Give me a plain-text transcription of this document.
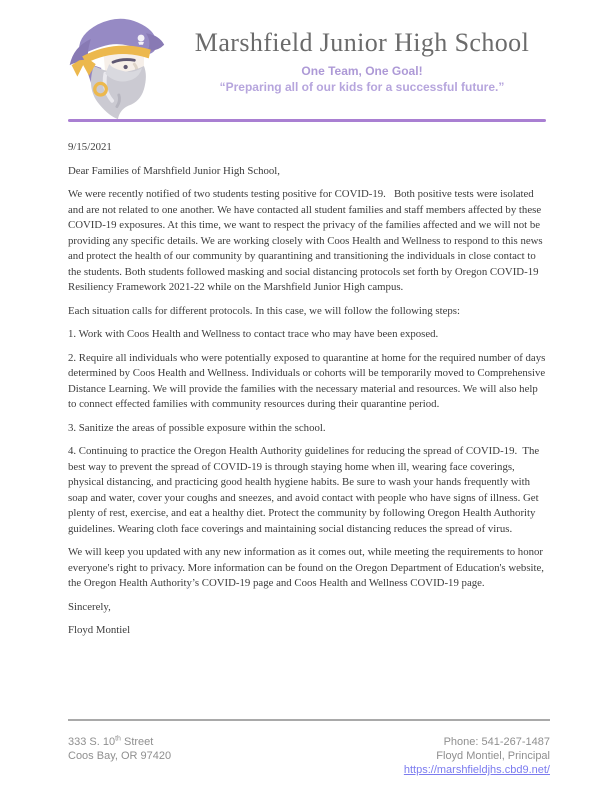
Marshfield Junior High School
One Team, One Goal!
“Preparing all of our kids for a successful future.”

9/15/2021

Dear Families of Marshfield Junior High School,

We were recently notified of two students testing positive for COVID-19.   Both positive tests were isolated and are not related to one another. We have contacted all student families and staff members affected by these COVID-19 exposures. At this time, we want to respect the privacy of the families affected and we will not be providing any specific details. We are working closely with Coos Health and Wellness to respond to this news and protect the health of our community by quarantining and transitioning the individuals in close contact to the students. Both students followed masking and social distancing protocols set forth by Oregon COVID-19 Resiliency Framework 2021-22 while on the Marshfield Junior High campus.

Each situation calls for different protocols. In this case, we will follow the following steps:

1. Work with Coos Health and Wellness to contact trace who may have been exposed.

2. Require all individuals who were potentially exposed to quarantine at home for the required number of days determined by Coos Health and Wellness. Individuals or cohorts will be temporarily moved to Comprehensive Distance Learning. We will provide the families with the necessary material and resources. We will also help to connect effected families with community resources during their quarantine period.

3. Sanitize the areas of possible exposure within the school.

4. Continuing to practice the Oregon Health Authority guidelines for reducing the spread of COVID-19.  The best way to prevent the spread of COVID-19 is through staying home when ill, wearing face coverings, physical distancing, and practicing good health hygiene habits. Be sure to wash your hands frequently with soap and water, cover your coughs and sneezes, and avoid contact with people who have signs of illness. Get plenty of rest, exercise, and eat a healthy diet. Protect the community by following Oregon Health Authority guidelines. Wearing cloth face coverings and maintaining social distancing reduces the spread of virus.

We will keep you updated with any new information as it comes out, while meeting the requirements to honor everyone's right to privacy. More information can be found on the Oregon Department of Education's website, the Oregon Health Authority’s COVID-19 page and Coos Health and Wellness COVID-19 page.

Sincerely,

Floyd Montiel

333 S. 10th Street
Coos Bay, OR 97420
Phone: 541-267-1487
Floyd Montiel, Principal
https://marshfieldjhs.cbd9.net/
